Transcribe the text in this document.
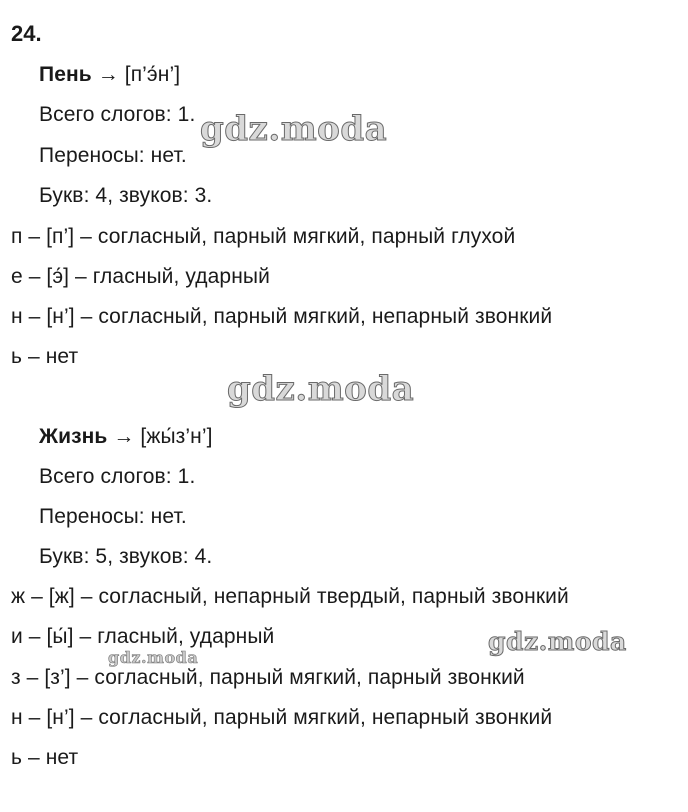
24.
Пень → [п’э́н’]
Всего слогов: 1.
Переносы: нет.
Букв: 4, звуков: 3.
п – [п’] – согласный, парный мягкий, парный глухой
е – [э́] – гласный, ударный
н – [н’] – согласный, парный мягкий, непарный звонкий
ь – нет
Жизнь → [жы́з’н’]
Всего слогов: 1.
Переносы: нет.
Букв: 5, звуков: 4.
ж – [ж] – согласный, непарный твердый, парный звонкий
и – [ы́] – гласный, ударный
з – [з’] – согласный, парный мягкий, парный звонкий
н – [н’] – согласный, парный мягкий, непарный звонкий
ь – нет
gdz.moda
gdz.moda
gdz.moda
gdz.moda
